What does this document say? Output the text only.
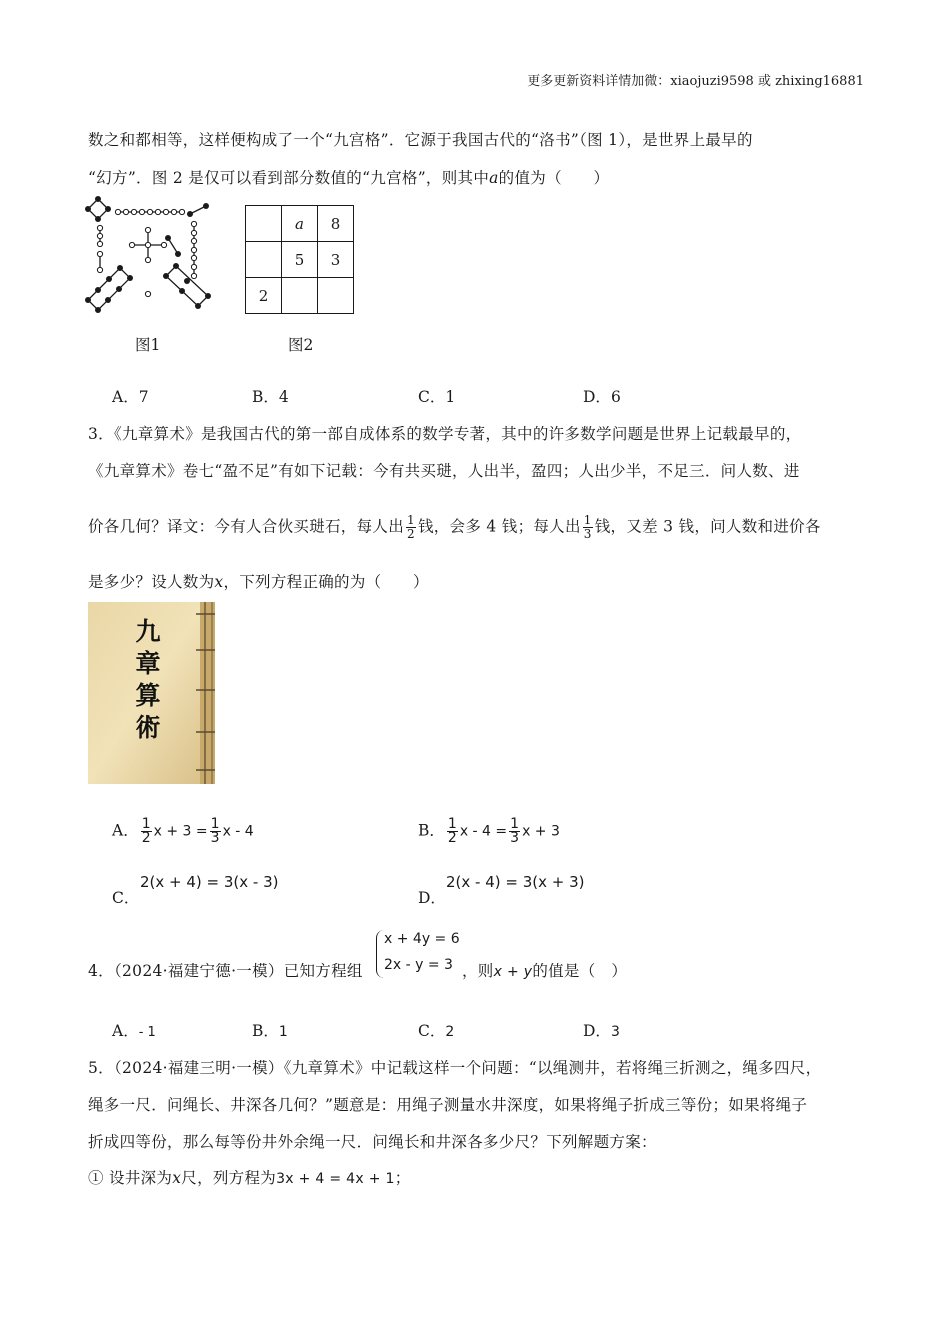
更多更新资料详情加微：xiaojuzi9598 或 zhixing16881
数之和都相等，这样便构成了一个“九宫格”．它源于我国古代的“洛书”（图 1），是世界上最早的
“幻方”．图 2 是仅可以看到部分数值的“九宫格”，则其中a的值为（　　）
	a	8
	5	3
2		
图1	图2
A．7	B．4	C．1	D．6
3．《九章算术》是我国古代的第一部自成体系的数学专著，其中的许多数学问题是世界上记载最早的，
《九章算术》卷七“盈不足”有如下记载：今有共买琎，人出半，盈四；人出少半，不足三．问人数、进
价各几何？译文：今有人合伙买琎石，每人出 $\frac{1}{2}$ 钱，会多 4 钱；每人出 $\frac{1}{3}$ 钱，又差 3 钱，问人数和进价各
是多少？设人数为x，下列方程正确的为（　　）
九
章
算
術
A． $\frac{1}{2}$ $x + 3 = \frac{1}{3}$ x - 4	B． $\frac{1}{2}$ $x - 4 = \frac{1}{3}$ x + 3
C．
2(x + 4) = 3(x - 3)
D．
2(x - 4) = 3(x + 3)
4．（2024·福建宁德·一模）已知方程组
x + 4y = 6
2x - y = 3 ，则x + y的值是（　）
A．- 1	B．1	C．2	D．3
5．（2024·福建三明·一模）《九章算术》中记载这样一个问题：“以绳测井，若将绳三折测之，绳多四尺，
绳多一尺．问绳长、井深各几何？”题意是：用绳子测量水井深度，如果将绳子折成三等份；如果将绳子
折成四等份，那么每等份井外余绳一尺．问绳长和井深各多少尺？下列解题方案：
① 设井深为x尺，列方程为3x + 4 = 4x + 1；
